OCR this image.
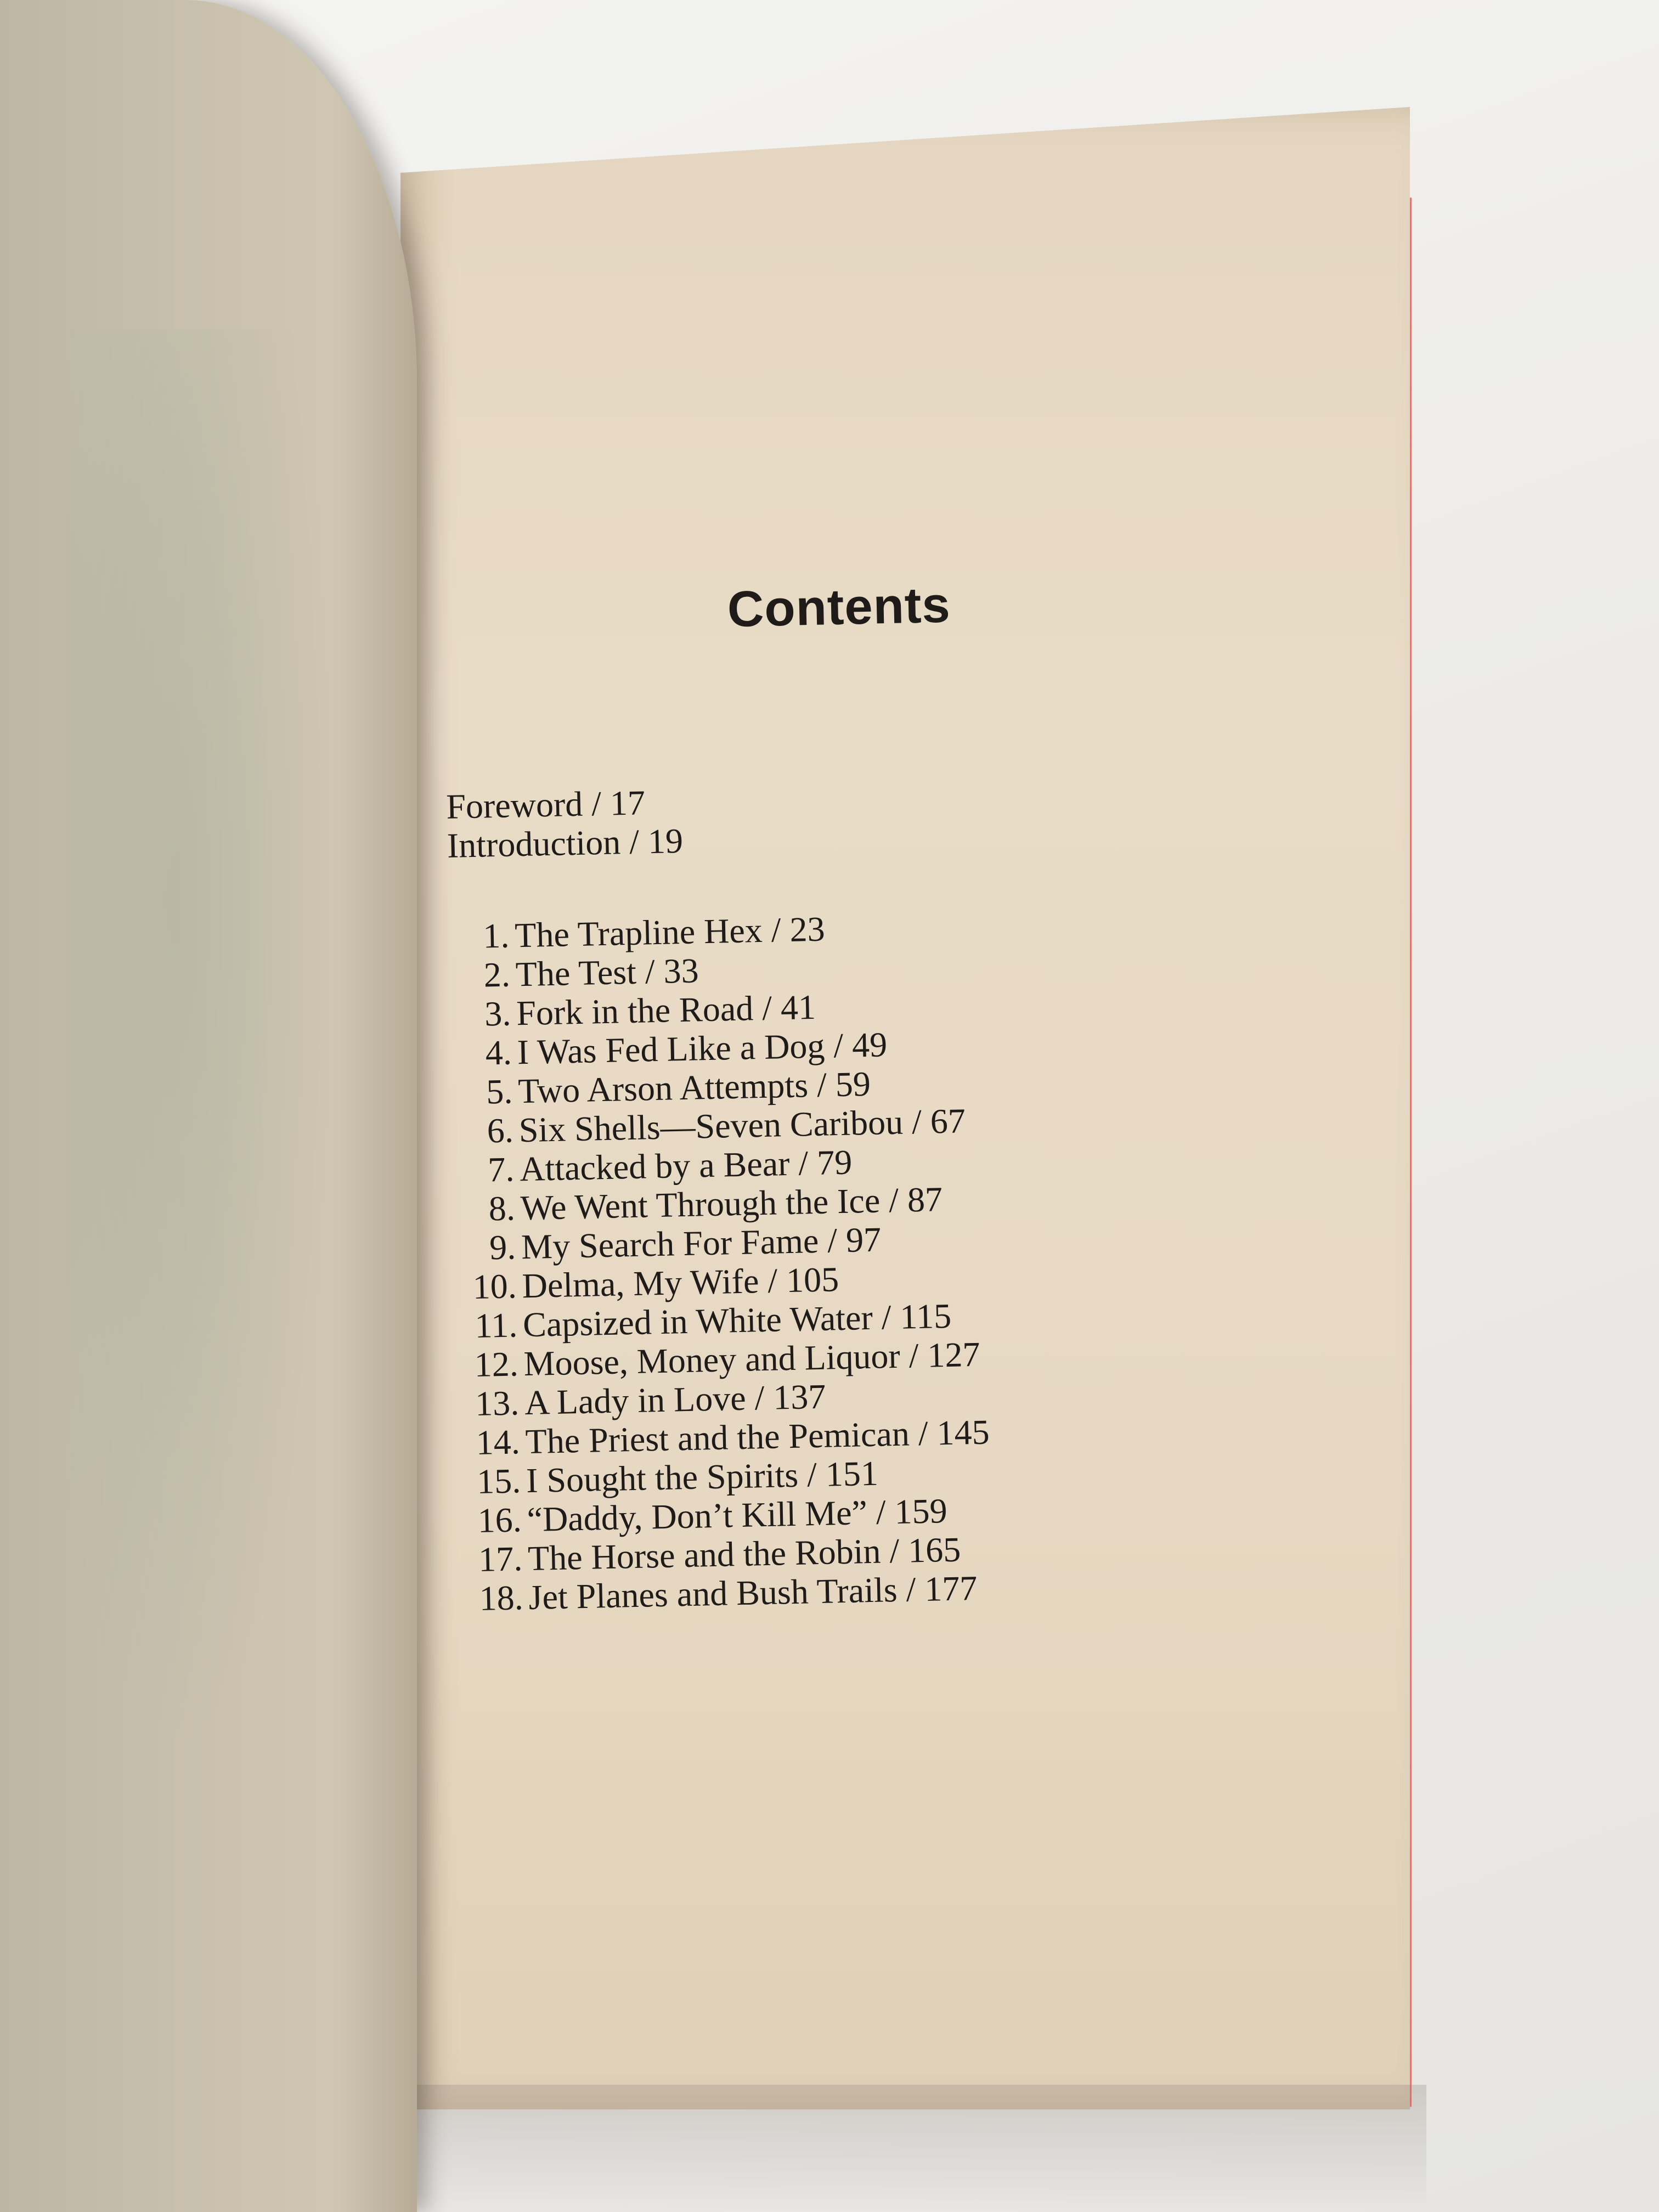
Contents
Foreword / 17
Introduction / 19
1. The Trapline Hex / 23
2. The Test / 33
3. Fork in the Road / 41
4. I Was Fed Like a Dog / 49
5. Two Arson Attempts / 59
6. Six Shells—Seven Caribou / 67
7. Attacked by a Bear / 79
8. We Went Through the Ice / 87
9. My Search For Fame / 97
10. Delma, My Wife / 105
11. Capsized in White Water / 115
12. Moose, Money and Liquor / 127
13. A Lady in Love / 137
14. The Priest and the Pemican / 145
15. I Sought the Spirits / 151
16. “Daddy, Don’t Kill Me” / 159
17. The Horse and the Robin / 165
18. Jet Planes and Bush Trails / 177
